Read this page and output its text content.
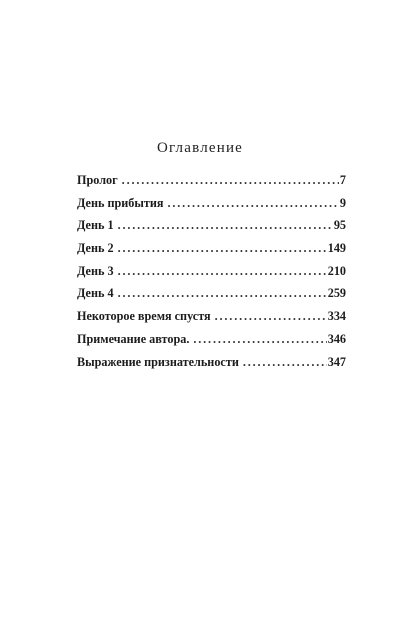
Оглавление
Пролог . . .	7
День прибытия . . .	9
День 1 . . .	95
День 2 . . .	149
День 3 . . .	210
День 4 . . .	259
Некоторое время спустя . . .	334
Примечание автора. . . .	346
Выражение признательности . . .	347
